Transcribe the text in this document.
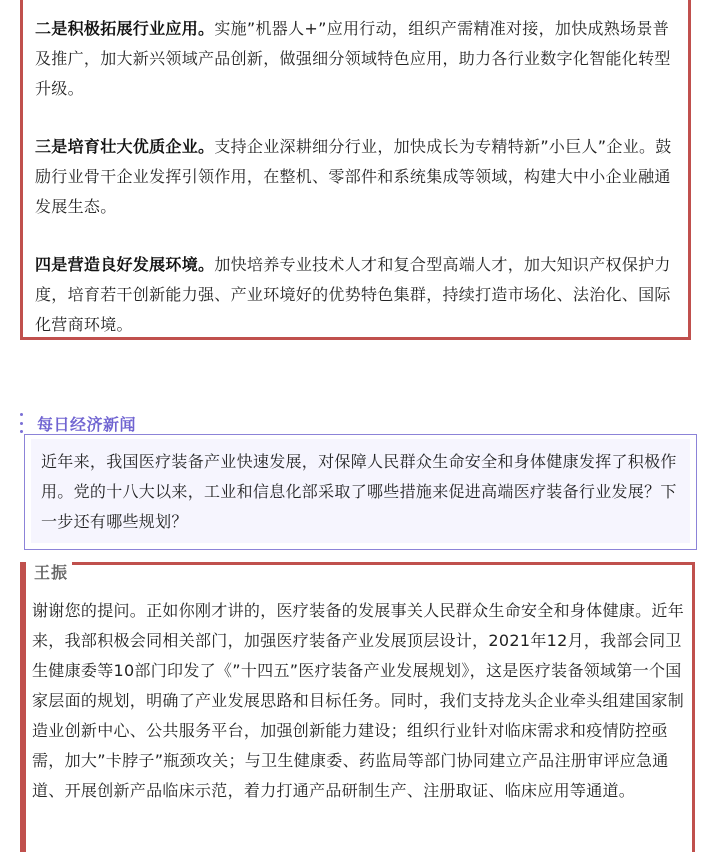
二是积极拓展行业应用。实施”机器人+”应用行动，组织产需精准对接，加快成熟场景普及推广，加大新兴领域产品创新，做强细分领域特色应用，助力各行业数字化智能化转型升级。

三是培育壮大优质企业。支持企业深耕细分行业，加快成长为专精特新”小巨人”企业。鼓励行业骨干企业发挥引领作用，在整机、零部件和系统集成等领域，构建大中小企业融通发展生态。

四是营造良好发展环境。加快培养专业技术人才和复合型高端人才，加大知识产权保护力度，培育若干创新能力强、产业环境好的优势特色集群，持续打造市场化、法治化、国际化营商环境。

每日经济新闻
近年来，我国医疗装备产业快速发展，对保障人民群众生命安全和身体健康发挥了积极作用。党的十八大以来，工业和信息化部采取了哪些措施来促进高端医疗装备行业发展？下一步还有哪些规划？
王振
谢谢您的提问。正如你刚才讲的，医疗装备的发展事关人民群众生命安全和身体健康。近年来，我部积极会同相关部门，加强医疗装备产业发展顶层设计，2021年12月，我部会同卫生健康委等10部门印发了《”十四五”医疗装备产业发展规划》，这是医疗装备领域第一个国家层面的规划，明确了产业发展思路和目标任务。同时，我们支持龙头企业牵头组建国家制造业创新中心、公共服务平台，加强创新能力建设；组织行业针对临床需求和疫情防控亟需，加大”卡脖子”瓶颈攻关；与卫生健康委、药监局等部门协同建立产品注册审评应急通道、开展创新产品临床示范，着力打通产品研制生产、注册取证、临床应用等通道。
